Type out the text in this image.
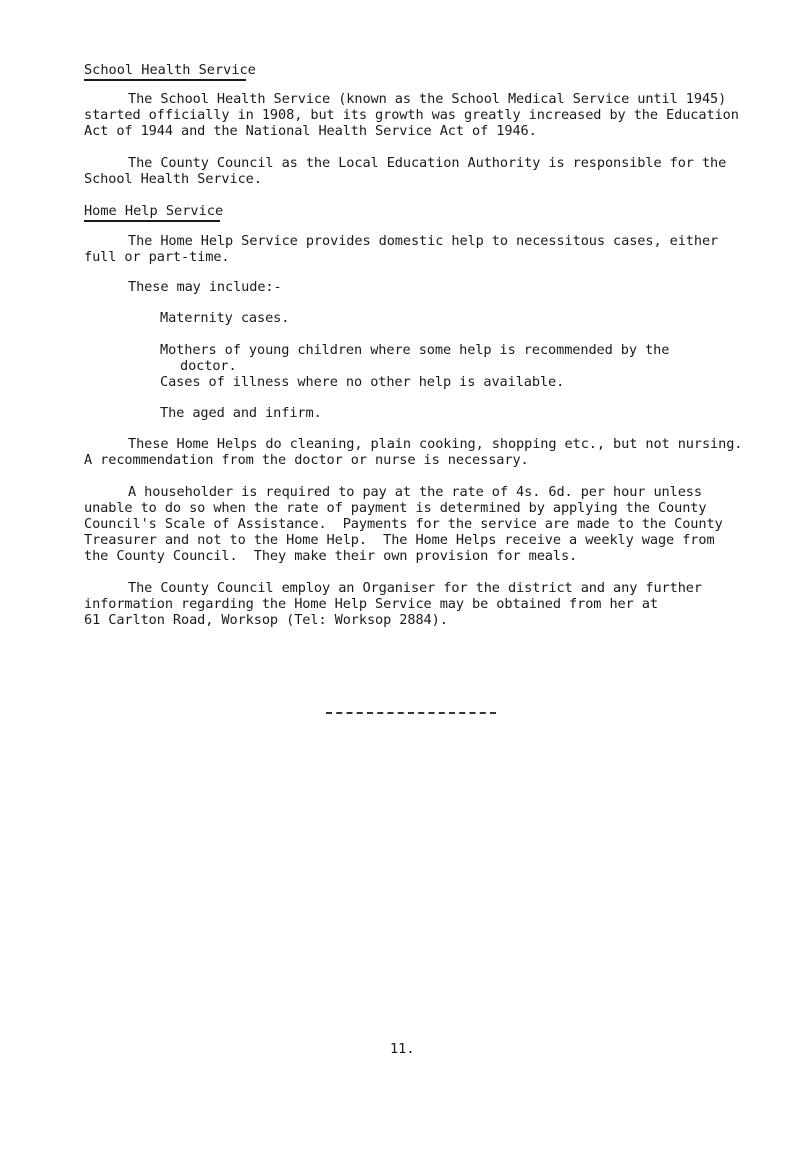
School Health Service
The School Health Service (known as the School Medical Service until 1945)
started officially in 1908, but its growth was greatly increased by the Education
Act of 1944 and the National Health Service Act of 1946.
The County Council as the Local Education Authority is responsible for the
School Health Service.
Home Help Service
The Home Help Service provides domestic help to necessitous cases, either
full or part-time.
These may include:-
Maternity cases.
Mothers of young children where some help is recommended by the
doctor.
Cases of illness where no other help is available.
The aged and infirm.
These Home Helps do cleaning, plain cooking, shopping etc., but not nursing.
A recommendation from the doctor or nurse is necessary.
A householder is required to pay at the rate of 4s. 6d. per hour unless
unable to do so when the rate of payment is determined by applying the County
Council's Scale of Assistance.  Payments for the service are made to the County
Treasurer and not to the Home Help.  The Home Helps receive a weekly wage from
the County Council.  They make their own provision for meals.
The County Council employ an Organiser for the district and any further
information regarding the Home Help Service may be obtained from her at
61 Carlton Road, Worksop (Tel: Worksop 2884).
11.
